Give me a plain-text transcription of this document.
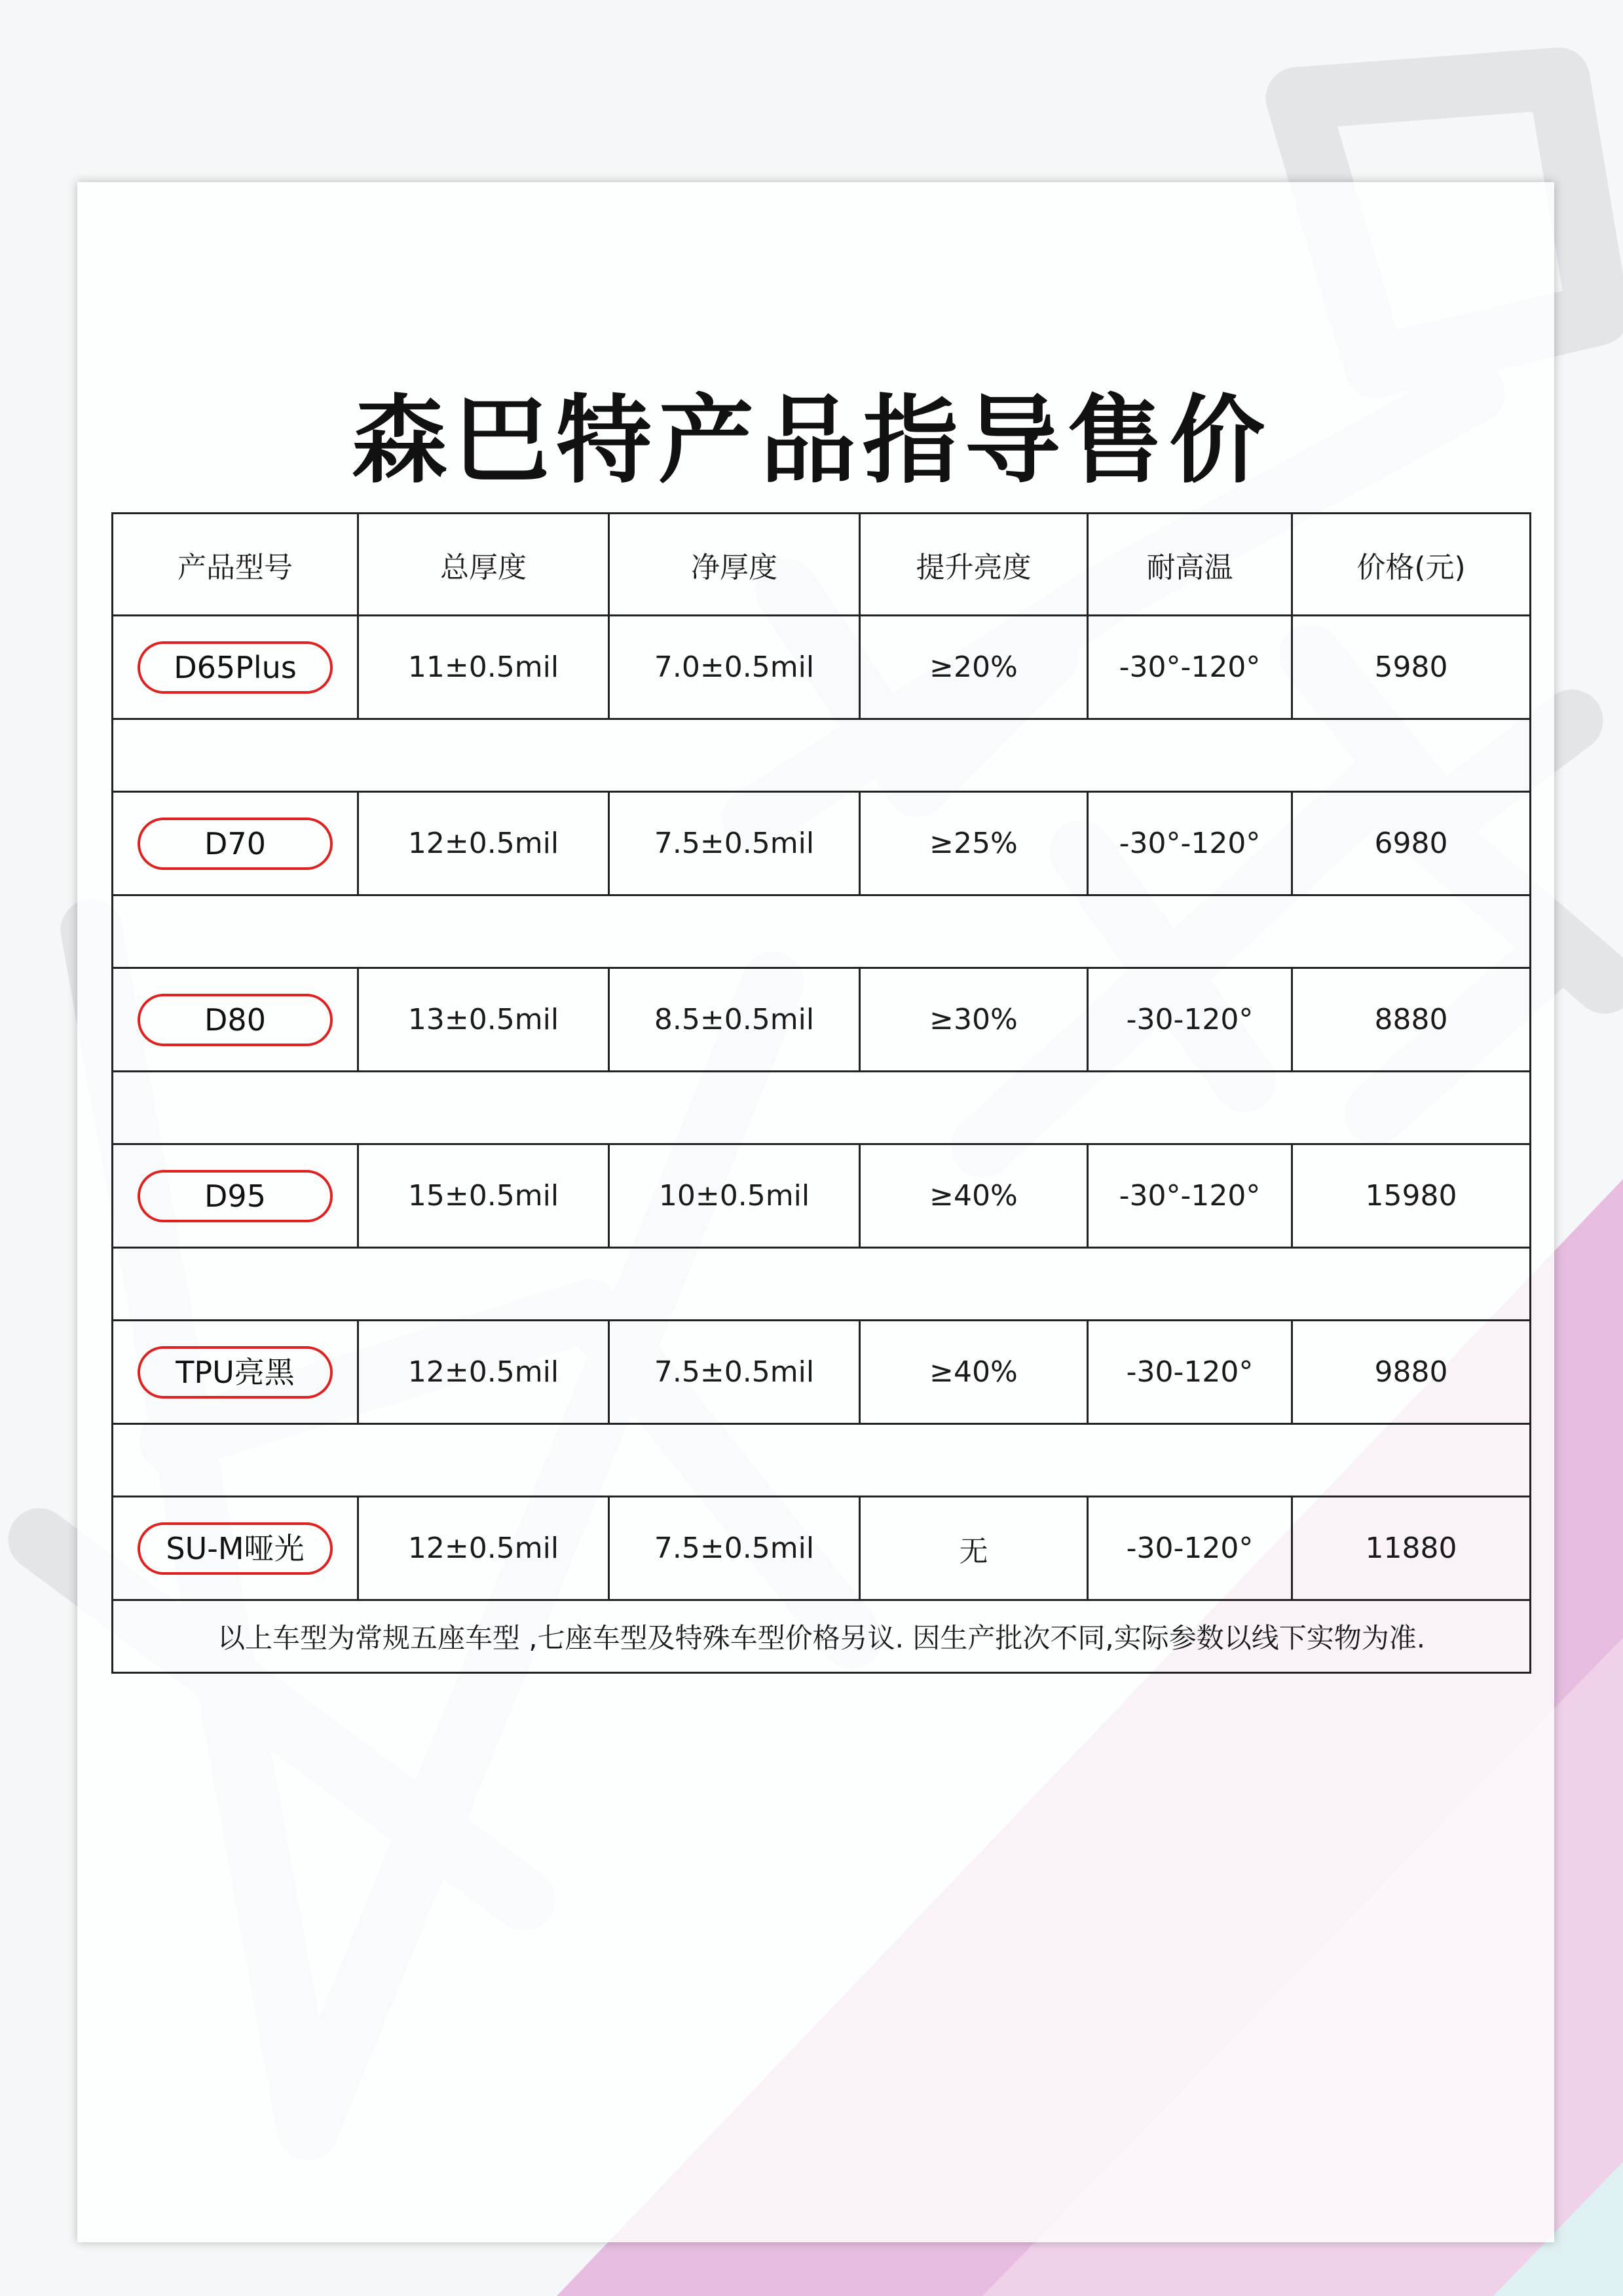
森巴特产品指导售价
产品型号	总厚度	净厚度	提升亮度	耐高温	价格(元)
D65Plus	11±0.5mil	7.0±0.5mil	≥20%	-30°-120°	5980

D70	12±0.5mil	7.5±0.5mil	≥25%	-30°-120°	6980

D80	13±0.5mil	8.5±0.5mil	≥30%	-30-120°	8880

D95	15±0.5mil	10±0.5mil	≥40%	-30°-120°	15980

TPU亮黑	12±0.5mil	7.5±0.5mil	≥40%	-30-120°	9880

SU-M哑光	12±0.5mil	7.5±0.5mil	无	-30-120°	11880
以上车型为常规五座车型 ,七座车型及特殊车型价格另议. 因生产批次不同,实际参数以线下实物为准.					
